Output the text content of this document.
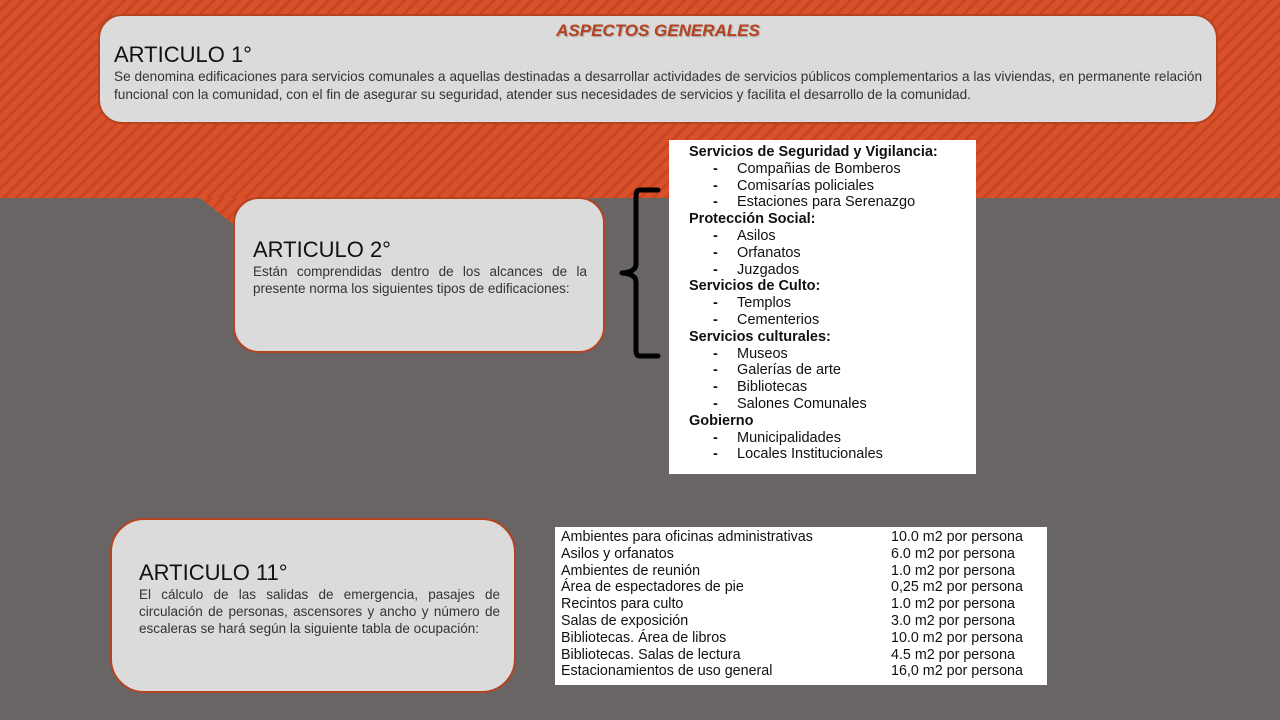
ASPECTOS GENERALES

ARTICULO 1°

Se denomina edificaciones para servicios comunales a aquellas destinadas a desarrollar actividades de servicios públicos complementarios a las viviendas, en permanente relación funcional con la comunidad, con el fin de asegurar su seguridad, atender sus necesidades de servicios y facilita el desarrollo de la comunidad.

ARTICULO 2°

Están comprendidas dentro de los alcances de la presente norma los siguientes tipos de edificaciones:

Servicios de Seguridad y Vigilancia:

-	Compañias de Bomberos
-	Comisarías policiales
-	Estaciones para Serenazgo

Protección Social:

-	Asilos
-	Orfanatos
-	Juzgados

Servicios de Culto:

-	Templos
-	Cementerios

Servicios culturales:

-	Museos
-	Galerías de arte
-	Bibliotecas
-	Salones Comunales

Gobierno

-	Municipalidades
-	Locales Institucionales

ARTICULO 11°

El cálculo de las salidas de emergencia, pasajes de circulación de personas, ascensores y ancho y número de escaleras se hará según la siguiente tabla de ocupación:

Ambientes para oficinas administrativas	10.0 m2 por persona
Asilos y orfanatos	6.0 m2 por persona
Ambientes de reunión	1.0 m2 por persona
Área de espectadores de pie	0,25 m2 por persona
Recintos para culto	1.0 m2 por persona
Salas de exposición	3.0 m2 por persona
Bibliotecas. Área de libros	10.0 m2 por persona
Bibliotecas. Salas de lectura	4.5 m2 por persona
Estacionamientos de uso general	16,0 m2 por persona
